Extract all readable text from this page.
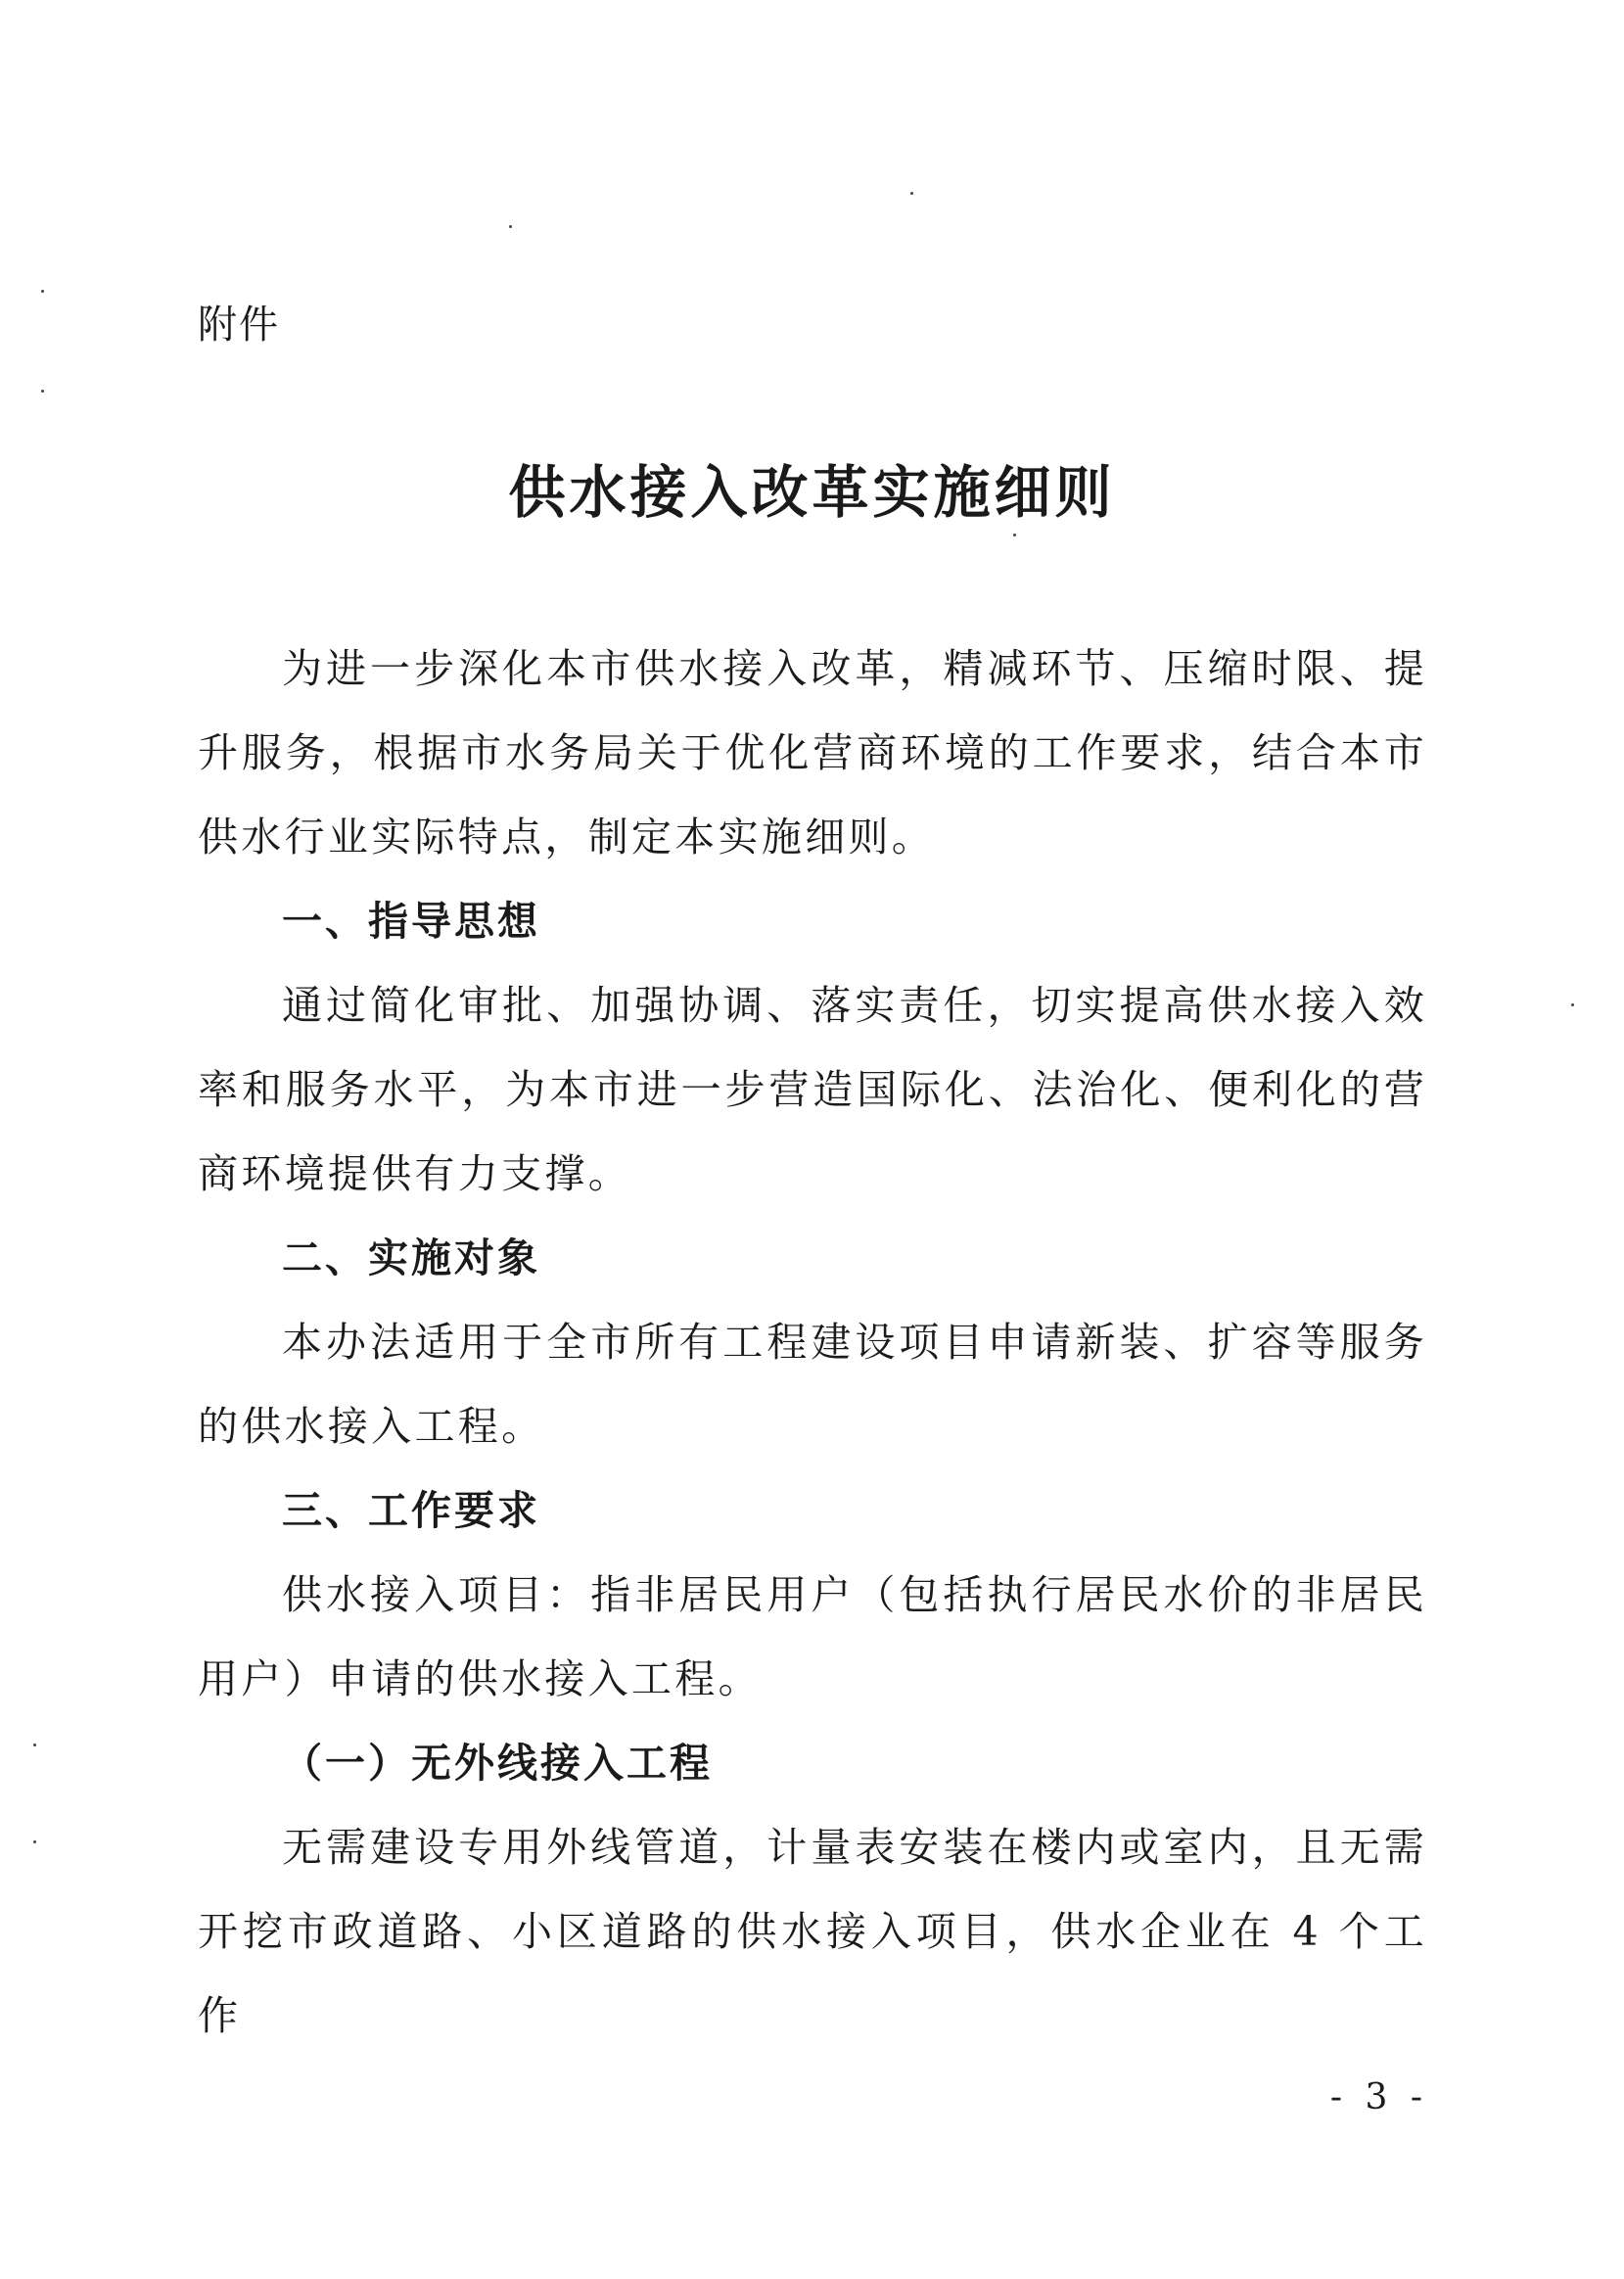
附件
供水接入改革实施细则

为进一步深化本市供水接入改革，精减环节、压缩时限、提升服务，根据市水务局关于优化营商环境的工作要求，结合本市供水行业实际特点，制定本实施细则。

一、指导思想

通过简化审批、加强协调、落实责任，切实提高供水接入效率和服务水平，为本市进一步营造国际化、法治化、便利化的营商环境提供有力支撑。

二、实施对象

本办法适用于全市所有工程建设项目申请新装、扩容等服务的供水接入工程。

三、工作要求

供水接入项目：指非居民用户（包括执行居民水价的非居民用户）申请的供水接入工程。

（一）无外线接入工程

无需建设专用外线管道，计量表安装在楼内或室内，且无需开挖市政道路、小区道路的供水接入项目，供水企业在 4 个工作

- 3 -
